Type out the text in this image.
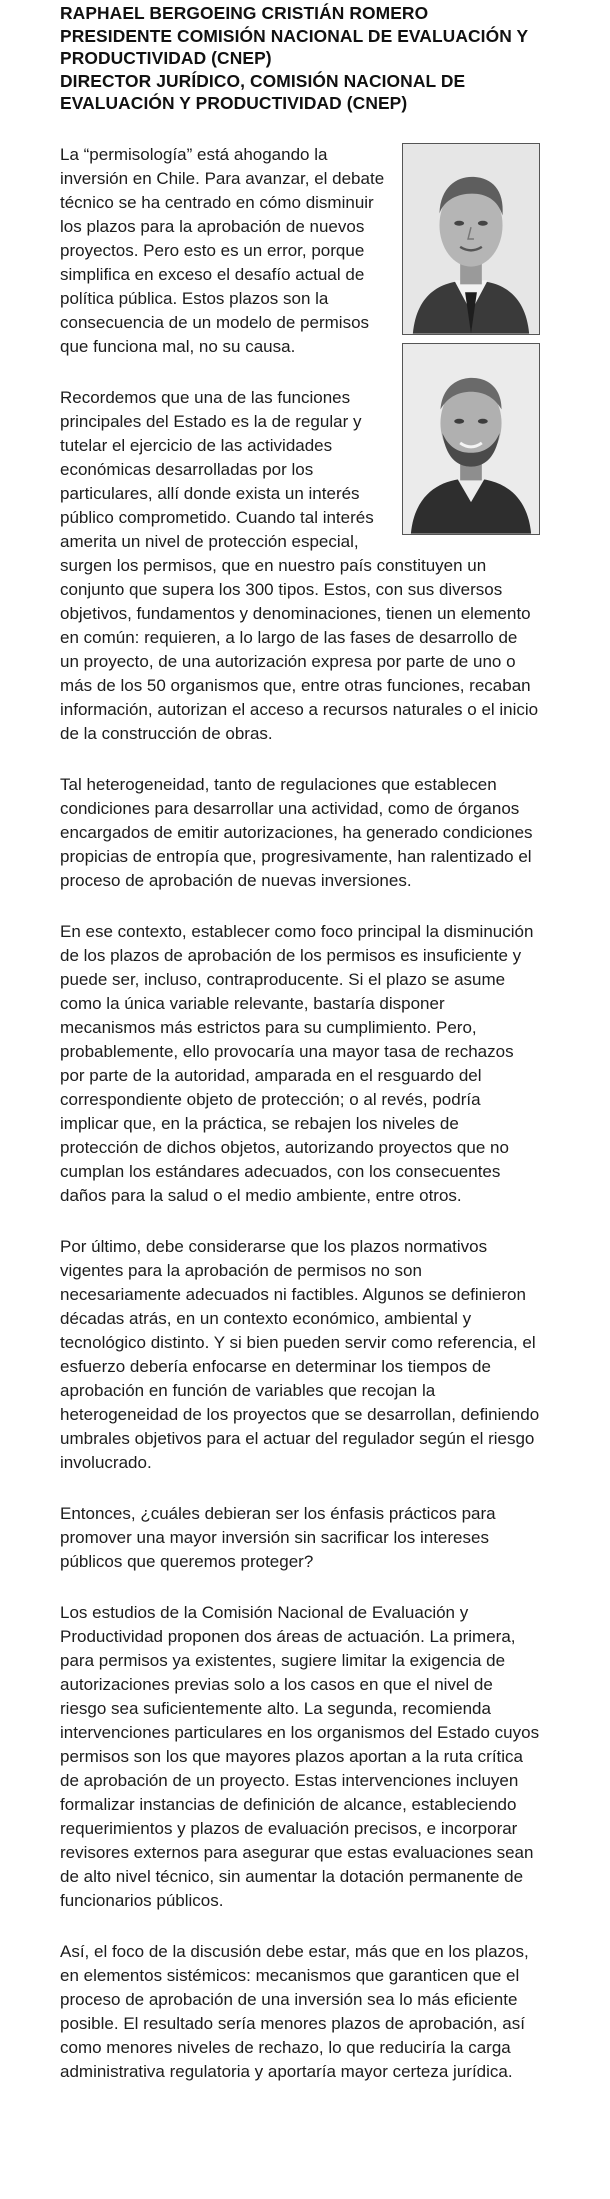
RAPHAEL BERGOEING CRISTIÁN ROMERO
PRESIDENTE COMISIÓN NACIONAL DE EVALUACIÓN Y
PRODUCTIVIDAD (CNEP)
DIRECTOR JURÍDICO, COMISIÓN NACIONAL DE
EVALUACIÓN Y PRODUCTIVIDAD (CNEP)

La “permisología” está ahogando la inversión en Chile. Para avanzar, el debate técnico se ha centrado en cómo disminuir los plazos para la aprobación de nuevos proyectos. Pero esto es un error, porque simplifica en exceso el desafío actual de política pública. Estos plazos son la consecuencia de un modelo de permisos que funciona mal, no su causa.

Recordemos que una de las funciones principales del Estado es la de regular y tutelar el ejercicio de las actividades económicas desarrolladas por los particulares, allí donde exista un interés público comprometido. Cuando tal interés amerita un nivel de protección especial, surgen los permisos, que en nuestro país constituyen un conjunto que supera los 300 tipos. Estos, con sus diversos objetivos, fundamentos y denominaciones, tienen un elemento en común: requieren, a lo largo de las fases de desarrollo de un proyecto, de una autorización expresa por parte de uno o más de los 50 organismos que, entre otras funciones, recaban información, autorizan el acceso a recursos naturales o el inicio de la construcción de obras.

Tal heterogeneidad, tanto de regulaciones que establecen condiciones para desarrollar una actividad, como de órganos encargados de emitir autorizaciones, ha generado condiciones propicias de entropía que, progresivamente, han ralentizado el proceso de aprobación de nuevas inversiones.

En ese contexto, establecer como foco principal la disminución de los plazos de aprobación de los permisos es insuficiente y puede ser, incluso, contraproducente. Si el plazo se asume como la única variable relevante, bastaría disponer mecanismos más estrictos para su cumplimiento. Pero, probablemente, ello provocaría una mayor tasa de rechazos por parte de la autoridad, amparada en el resguardo del correspondiente objeto de protección; o al revés, podría implicar que, en la práctica, se rebajen los niveles de protección de dichos objetos, autorizando proyectos que no cumplan los estándares adecuados, con los consecuentes daños para la salud o el medio ambiente, entre otros.

Por último, debe considerarse que los plazos normativos vigentes para la aprobación de permisos no son necesariamente adecuados ni factibles. Algunos se definieron décadas atrás, en un contexto económico, ambiental y tecnológico distinto. Y si bien pueden servir como referencia, el esfuerzo debería enfocarse en determinar los tiempos de aprobación en función de variables que recojan la heterogeneidad de los proyectos que se desarrollan, definiendo umbrales objetivos para el actuar del regulador según el riesgo involucrado.

Entonces, ¿cuáles debieran ser los énfasis prácticos para promover una mayor inversión sin sacrificar los intereses públicos que queremos proteger?

Los estudios de la Comisión Nacional de Evaluación y Productividad proponen dos áreas de actuación. La primera, para permisos ya existentes, sugiere limitar la exigencia de autorizaciones previas solo a los casos en que el nivel de riesgo sea suficientemente alto. La segunda, recomienda intervenciones particulares en los organismos del Estado cuyos permisos son los que mayores plazos aportan a la ruta crítica de aprobación de un proyecto. Estas intervenciones incluyen formalizar instancias de definición de alcance, estableciendo requerimientos y plazos de evaluación precisos, e incorporar revisores externos para asegurar que estas evaluaciones sean de alto nivel técnico, sin aumentar la dotación permanente de funcionarios públicos.

Así, el foco de la discusión debe estar, más que en los plazos, en elementos sistémicos: mecanismos que garanticen que el proceso de aprobación de una inversión sea lo más eficiente posible. El resultado sería menores plazos de aprobación, así como menores niveles de rechazo, lo que reduciría la carga administrativa regulatoria y aportaría mayor certeza jurídica.
